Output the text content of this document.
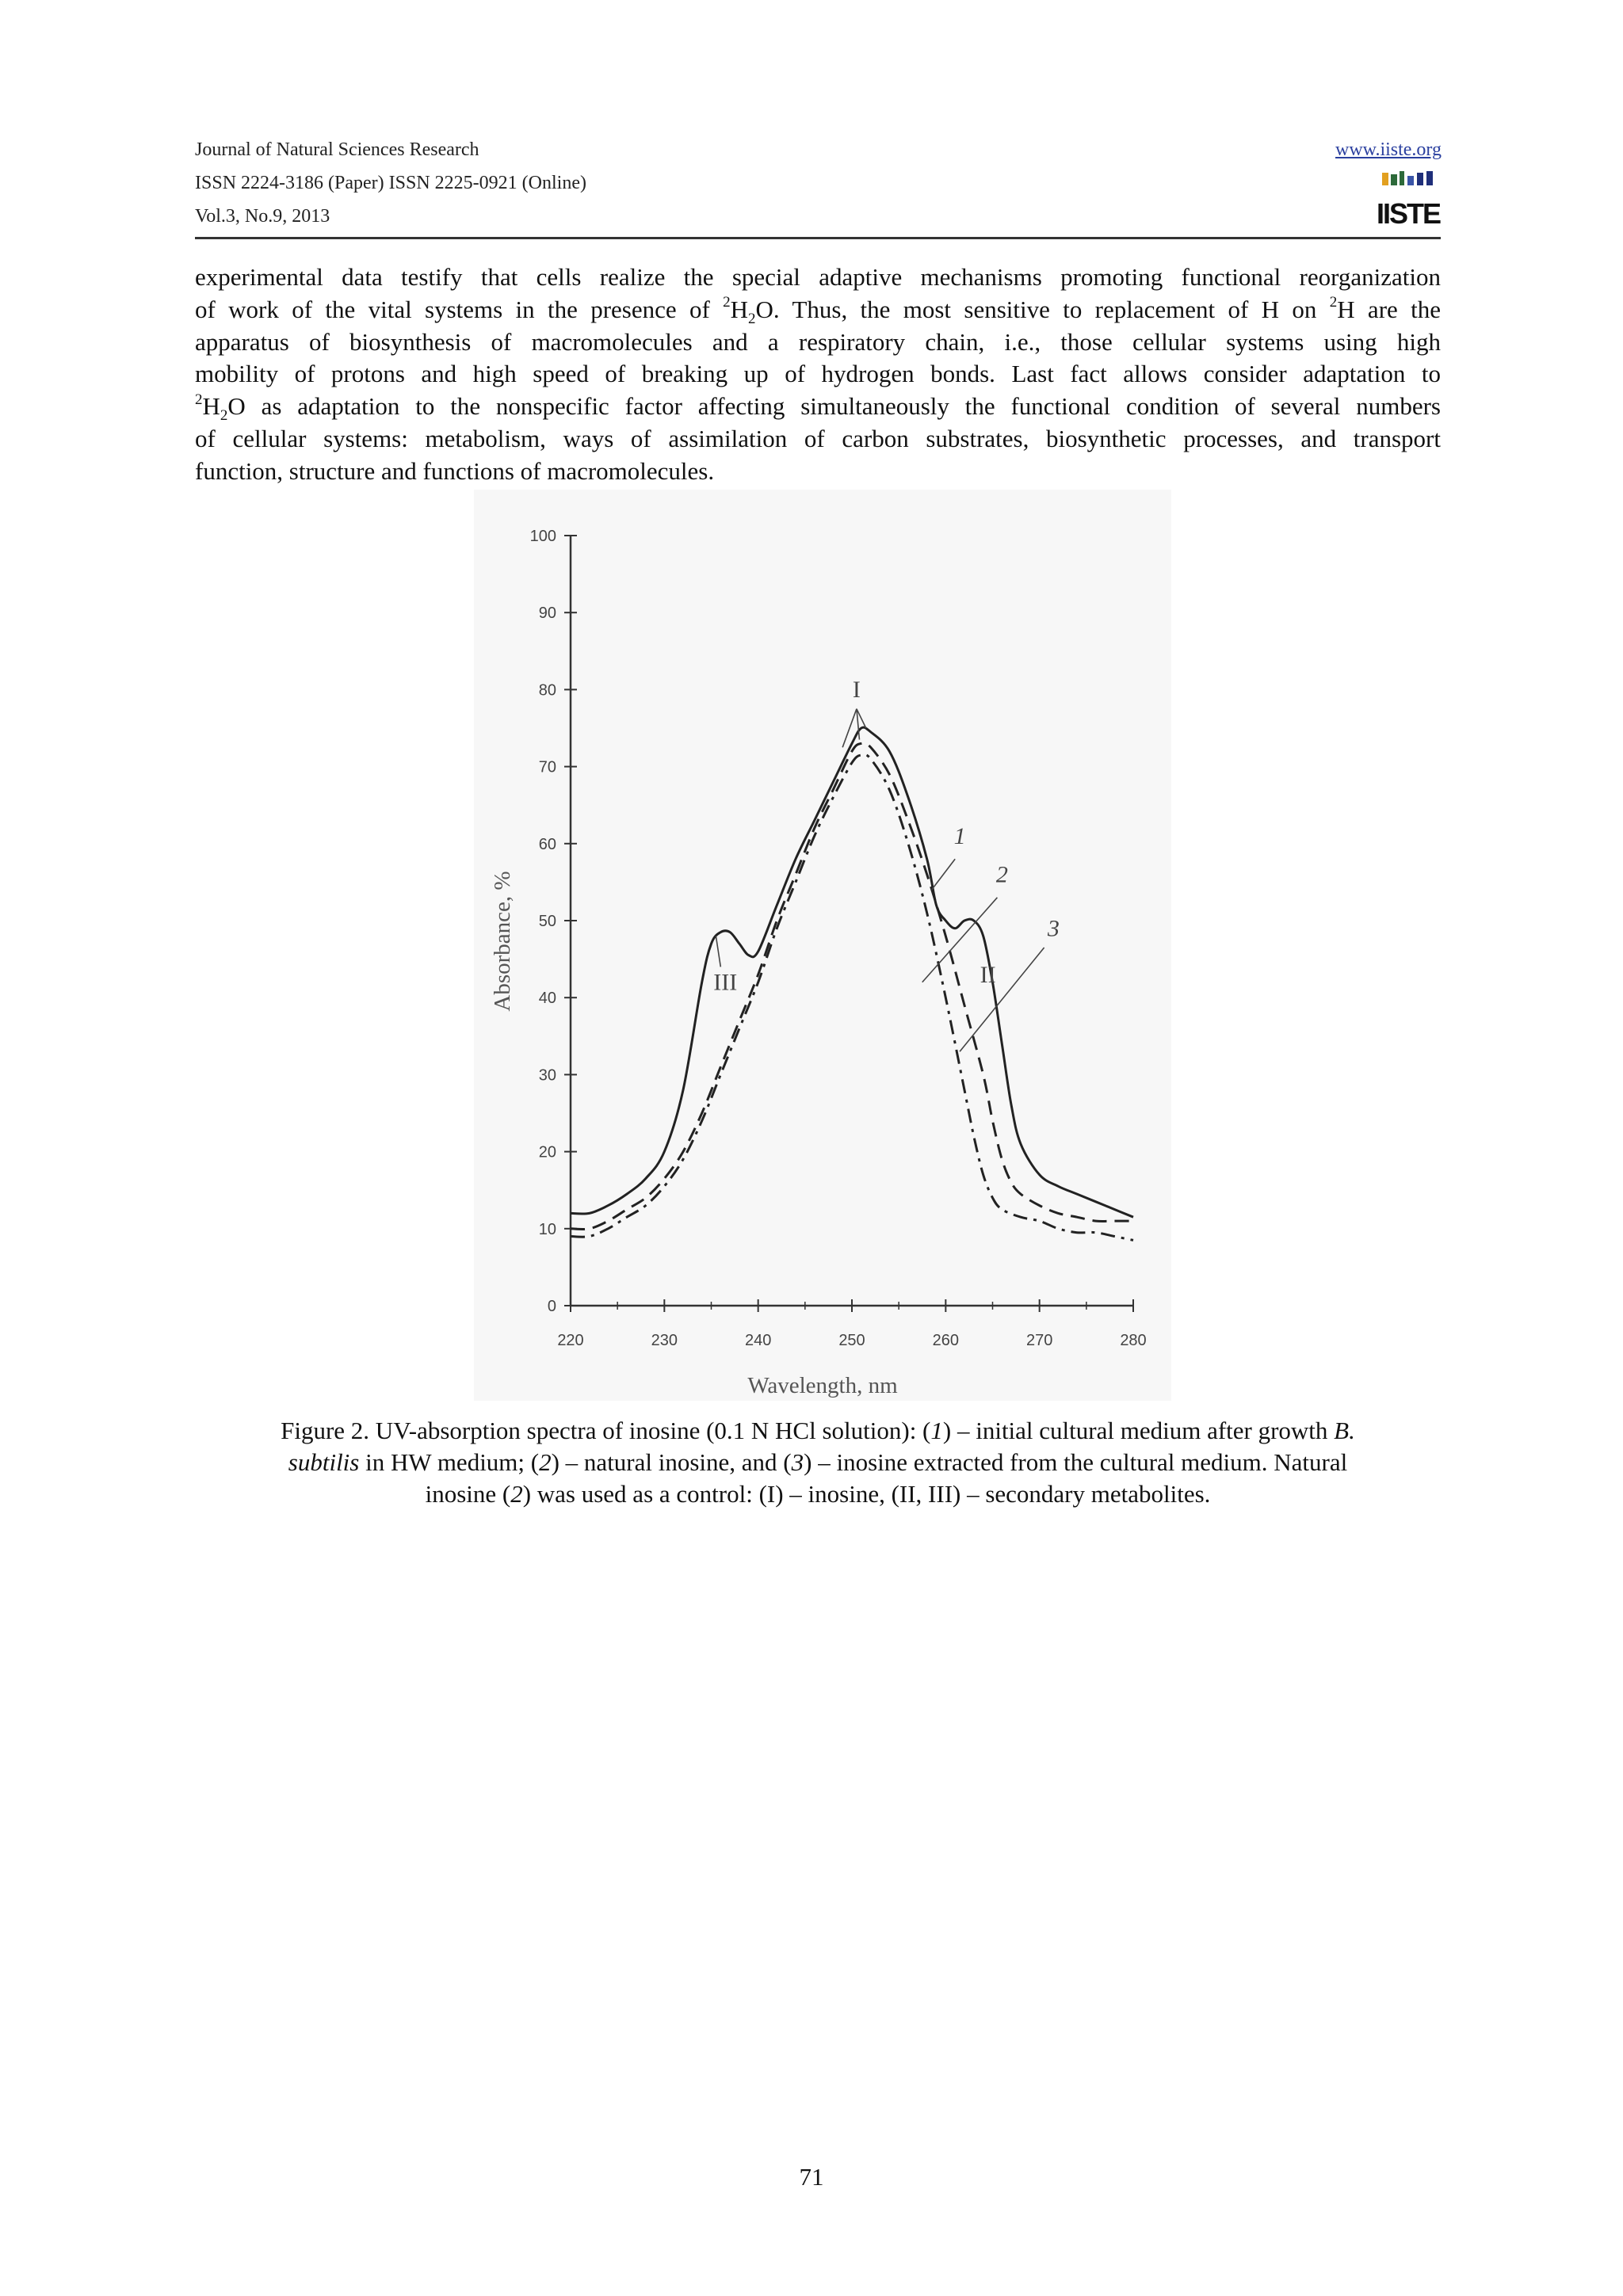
Journal of Natural Sciences Research
ISSN 2224-3186 (Paper) ISSN 2225-0921 (Online)
Vol.3, No.9, 2013
www.iiste.org
IISTE

experimental data testify that cells realize the special adaptive mechanisms promoting functional reorganization
of work of the vital systems in the presence of $^2H_2O$. Thus, the most sensitive to replacement of H on $^2$H are the
apparatus of biosynthesis of macromolecules and a respiratory chain, i.e., those cellular systems using high
mobility of protons and high speed of breaking up of hydrogen bonds. Last fact allows consider adaptation to
$^2H_2O$ as adaptation to the nonspecific factor affecting simultaneously the functional condition of several numbers
of cellular systems: metabolism, ways of assimilation of carbon substrates, biosynthetic processes, and transport
function, structure and functions of macromolecules.

0
10
20
30
40
50
60
70
80
90
100
220	230	240	250	260	270	280
I
1
2
3
II
III
Wavelength, nm
Absorbance, %

Figure 2. UV-absorption spectra of inosine (0.1 N HCl solution): (1) – initial cultural medium after growth B.
subtilis in HW medium; (2) – natural inosine, and (3) – inosine extracted from the cultural medium. Natural
inosine (2) was used as a control: (I) – inosine, (II, III) – secondary metabolites.

71
